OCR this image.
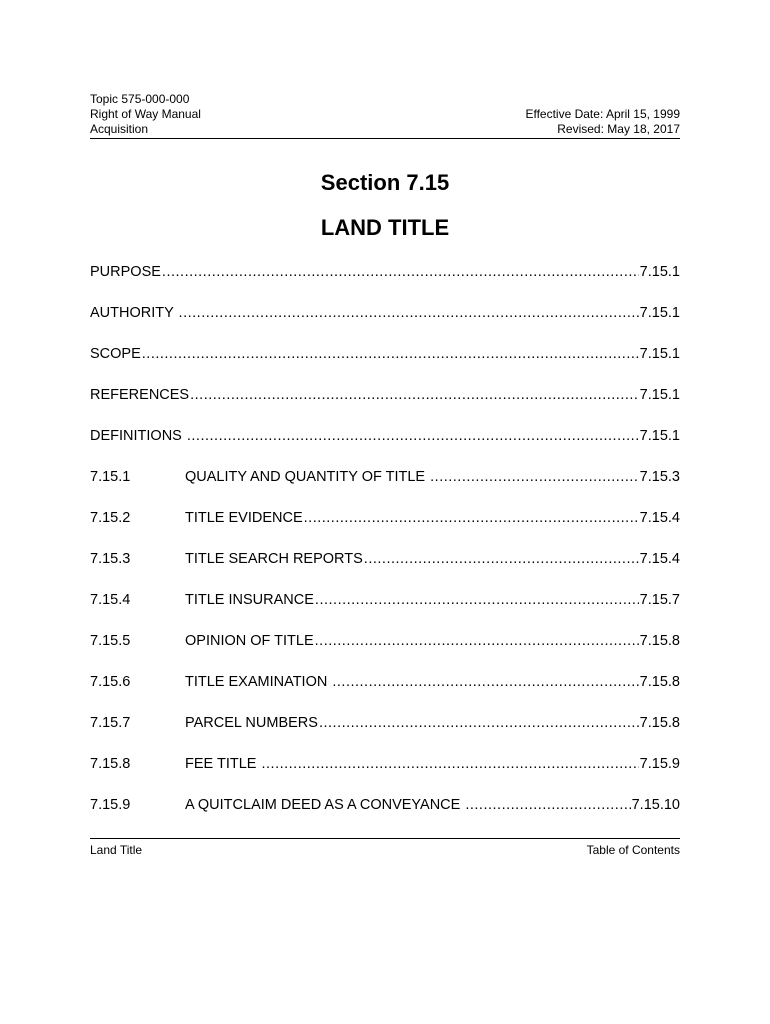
Topic 575-000-000
Right of Way Manual
Acquisition
Effective Date: April 15, 1999
Revised: May 18, 2017
Section 7.15
LAND TITLE
PURPOSE .....	7.15.1
AUTHORITY .....	7.15.1
SCOPE .....	7.15.1
REFERENCES .....	7.15.1
DEFINITIONS .....	7.15.1
7.15.1	QUALITY AND QUANTITY OF TITLE .....	7.15.3
7.15.2	TITLE EVIDENCE .....	7.15.4
7.15.3	TITLE SEARCH REPORTS .....	7.15.4
7.15.4	TITLE INSURANCE .....	7.15.7
7.15.5	OPINION OF TITLE .....	7.15.8
7.15.6	TITLE EXAMINATION .....	7.15.8
7.15.7	PARCEL NUMBERS .....	7.15.8
7.15.8	FEE TITLE .....	7.15.9
7.15.9	A QUITCLAIM DEED AS A CONVEYANCE .....	7.15.10
Land Title	Table of Contents
